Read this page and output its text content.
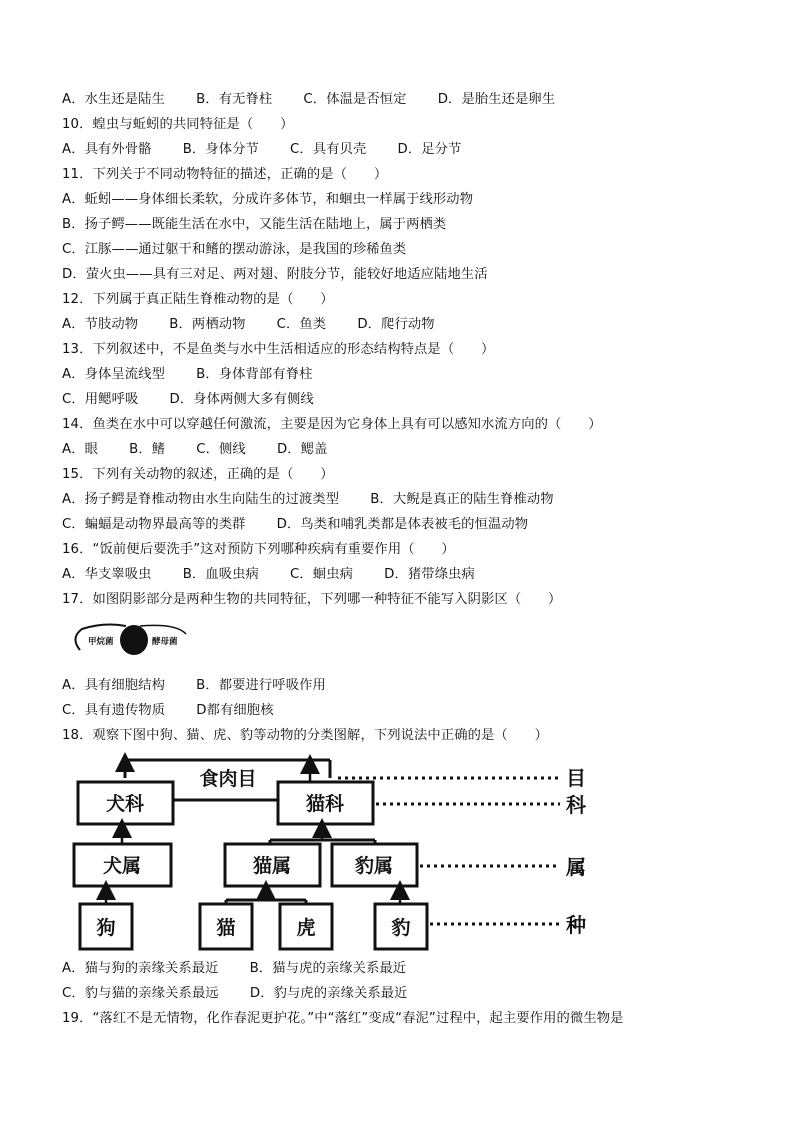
A．水生还是陆生　　 B．有无脊柱　　 C．体温是否恒定　　 D．是胎生还是卵生
10．蝗虫与蚯蚓的共同特征是（　　）
A．具有外骨骼　　 B．身体分节　　 C．具有贝壳　　 D．足分节
11．下列关于不同动物特征的描述，正确的是（　　）
A．蚯蚓——身体细长柔软，分成许多体节，和蛔虫一样属于线形动物
B．扬子鳄——既能生活在水中，又能生活在陆地上，属于两栖类
C．江豚——通过躯干和鳍的摆动游泳，是我国的珍稀鱼类
D．萤火虫——具有三对足、两对翅、附肢分节，能较好地适应陆地生活
12．下列属于真正陆生脊椎动物的是（　　）
A．节肢动物　　 B．两栖动物　　 C．鱼类　　 D．爬行动物
13．下列叙述中，不是鱼类与水中生活相适应的形态结构特点是（　　）
A．身体呈流线型　　 B．身体背部有脊柱
C．用鳃呼吸　　 D．身体两侧大多有侧线
14．鱼类在水中可以穿越任何激流，主要是因为它身体上具有可以感知水流方向的（　　）
A．眼　　 B．鳍　　 C．侧线　　 D．鳃盖
15．下列有关动物的叙述，正确的是（　　）
A．扬子鳄是脊椎动物由水生向陆生的过渡类型　　 B．大鲵是真正的陆生脊椎动物
C．蝙蝠是动物界最高等的类群　　 D．鸟类和哺乳类都是体表被毛的恒温动物
16．“饭前便后要洗手”这对预防下列哪种疾病有重要作用（　　）
A．华支睾吸虫　　 B．血吸虫病　　 C．蛔虫病　　 D．猪带绦虫病
17．如图阴影部分是两种生物的共同特征，下列哪一种特征不能写入阴影区（　　）
甲烷菌	酵母菌
A．具有细胞结构　　 B．都要进行呼吸作用
C．具有遗传物质　　 D都有细胞核
18．观察下图中狗、猫、虎、豹等动物的分类图解，下列说法中正确的是（　　）
食肉目
犬科	猫科
犬属	猫属	豹属
狗	猫	虎	豹
目
科
属
种
A．猫与狗的亲缘关系最近　　 B．猫与虎的亲缘关系最近
C．豹与猫的亲缘关系最远　　 D．豹与虎的亲缘关系最近
19．“落红不是无情物，化作春泥更护花。”中“落红”变成“春泥”过程中，起主要作用的微生物是
